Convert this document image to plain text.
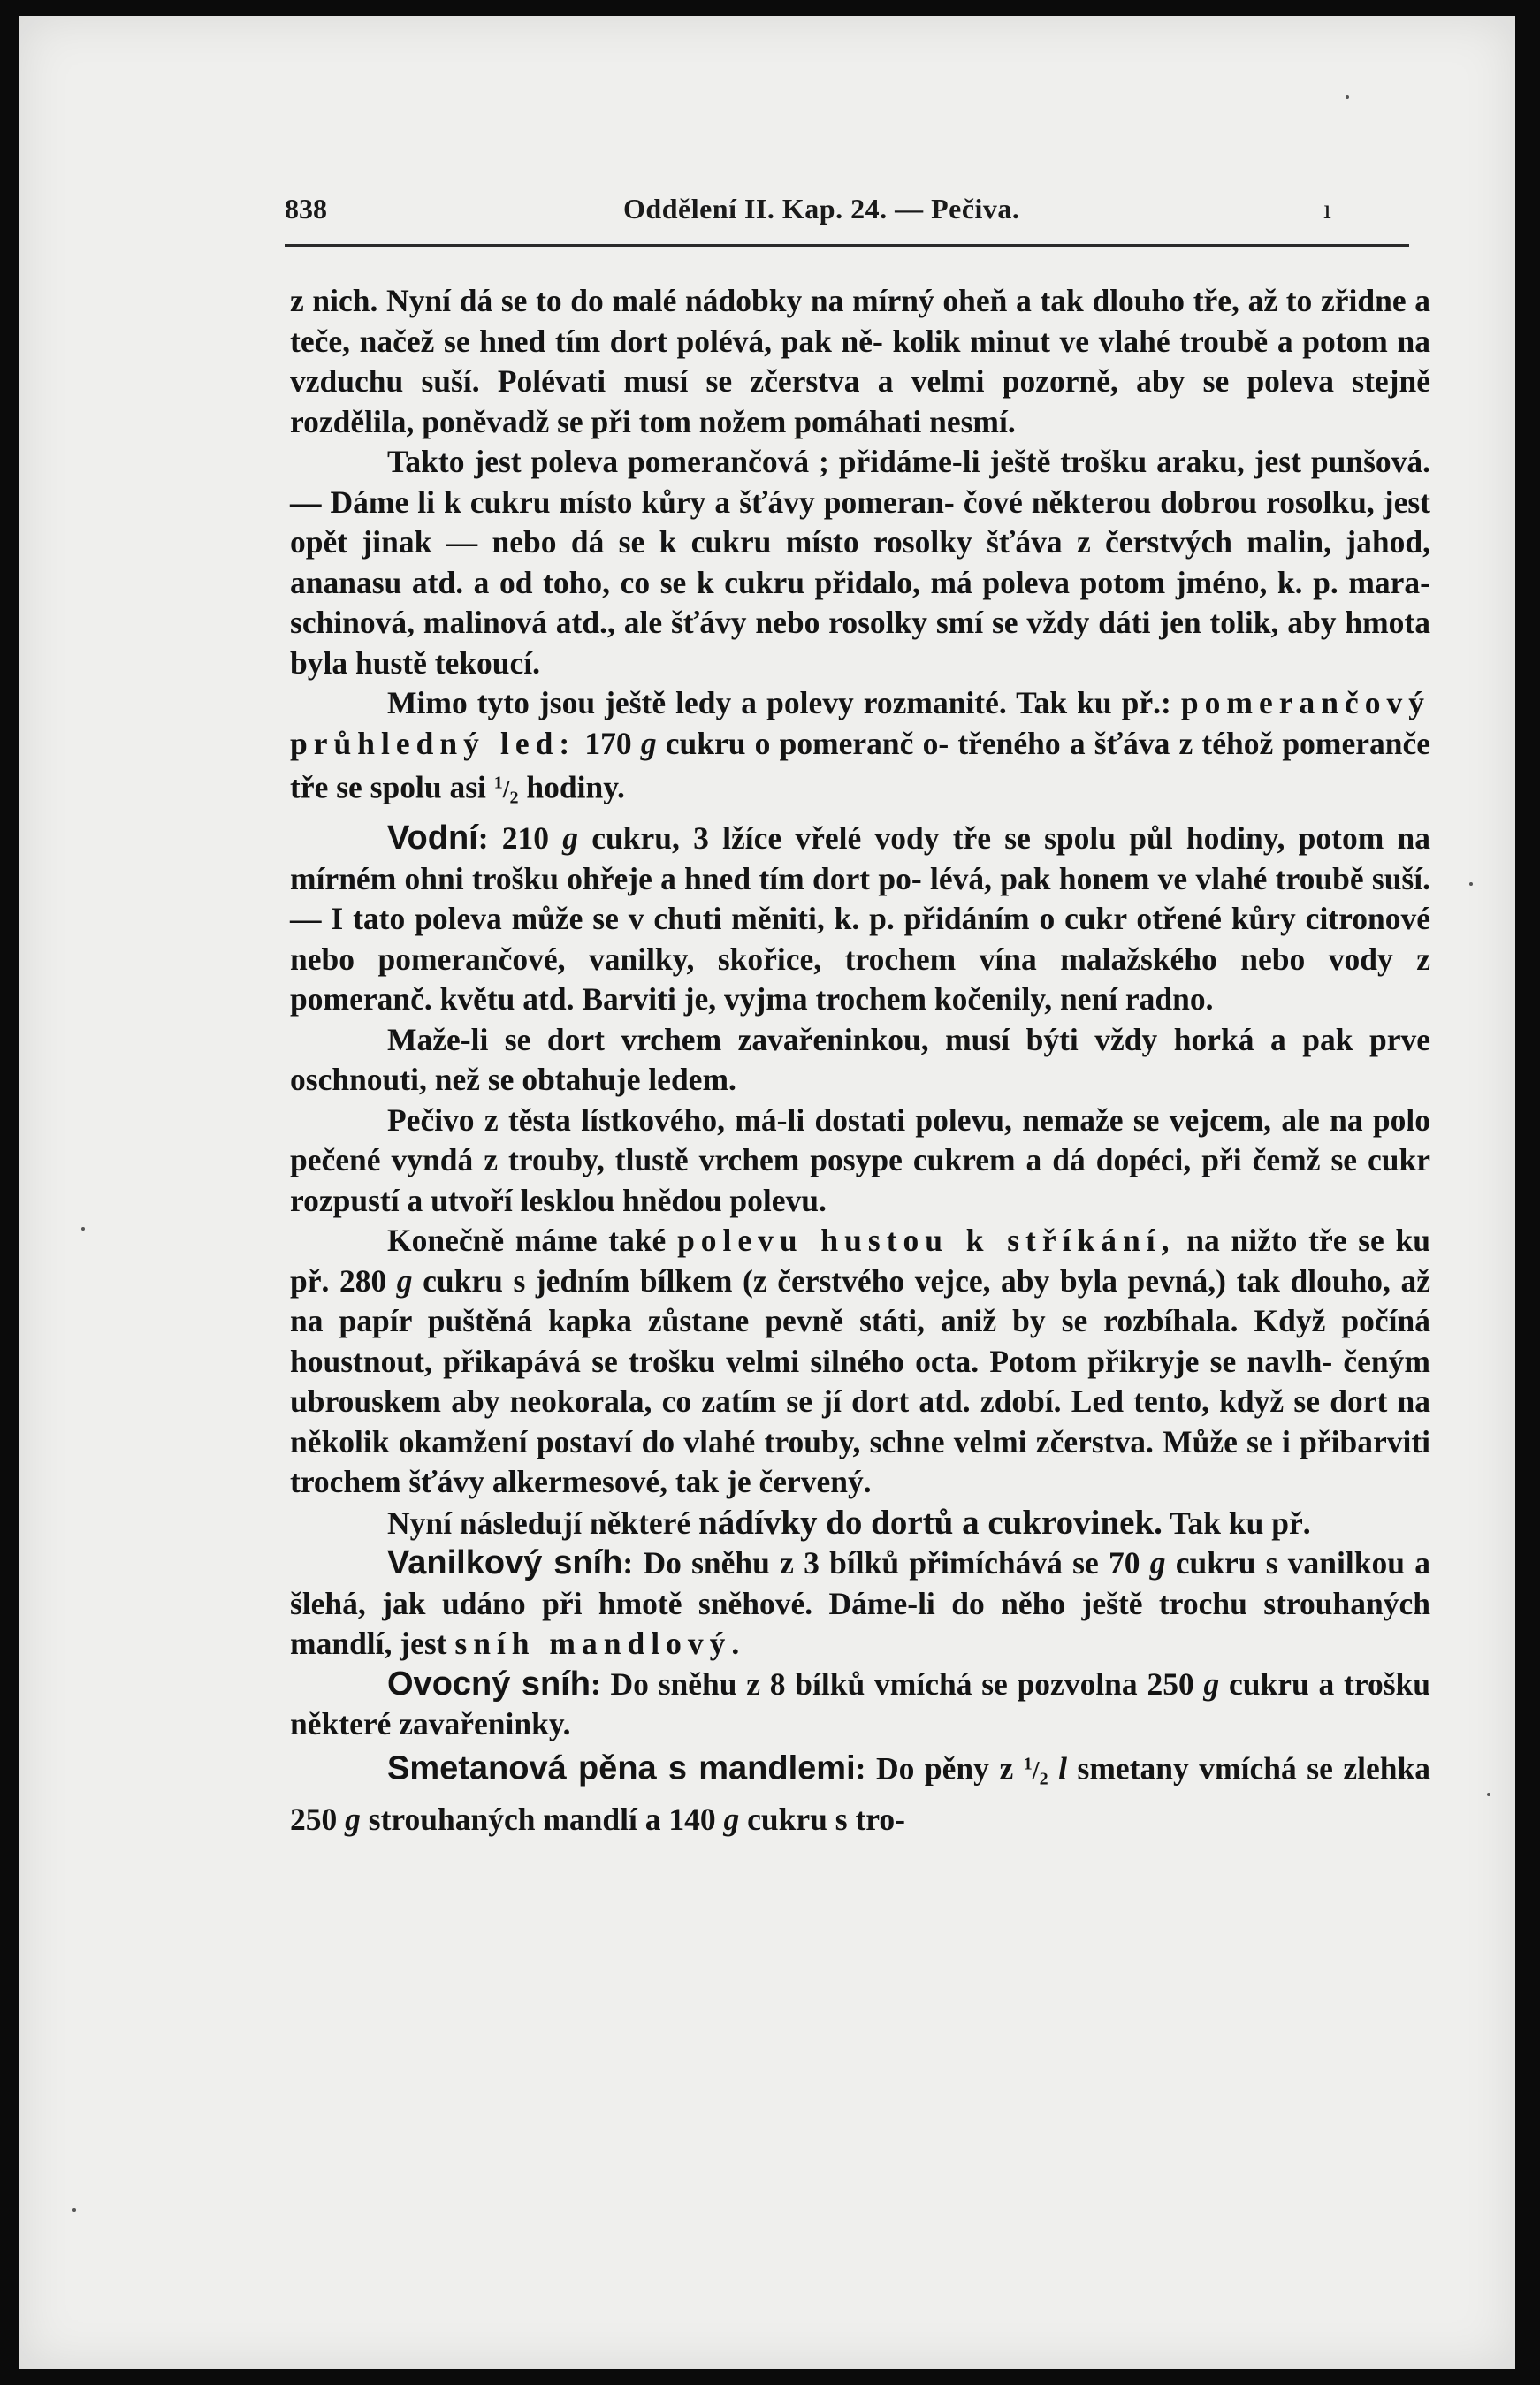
838	Oddělení II. Kap. 24. — Pečiva.	ı

z nich. Nyní dá se to do malé nádobky na mírný oheň a tak dlouho tře, až to zřidne a teče, načež se hned tím dort polévá, pak ně- kolik minut ve vlahé troubě a potom na vzduchu suší. Polévati musí se zčerstva a velmi pozorně, aby se poleva stejně rozdělila, poněvadž se při tom nožem pomáhati nesmí.

Takto jest poleva pomerančová ; přidáme-li ještě trošku araku, jest punšová. — Dáme li k cukru místo kůry a šťávy pomeran- čové některou dobrou rosolku, jest opět jinak — nebo dá se k cukru místo rosolky šťáva z čerstvých malin, jahod, ananasu atd. a od toho, co se k cukru přidalo, má poleva potom jméno, k. p. mara- schinová, malinová atd., ale šťávy nebo rosolky smí se vždy dáti jen tolik, aby hmota byla hustě tekoucí.

Mimo tyto jsou ještě ledy a polevy rozmanité. Tak ku př.: pomerančový průhledný led: 170 g cukru o pomeranč o- třeného a šťáva z téhož pomeranče tře se spolu asi $^1/_2$ hodiny.

Vodní: 210 g cukru, 3 lžíce vřelé vody tře se spolu půl hodiny, potom na mírném ohni trošku ohřeje a hned tím dort po- lévá, pak honem ve vlahé troubě suší. — I tato poleva může se v chuti měniti, k. p. přidáním o cukr otřené kůry citronové nebo pomerančové, vanilky, skořice, trochem vína malažského nebo vody z pomeranč. květu atd. Barviti je, vyjma trochem kočenily, není radno.

Maže-li se dort vrchem zavařeninkou, musí býti vždy horká a pak prve oschnouti, než se obtahuje ledem.

Pečivo z těsta lístkového, má-li dostati polevu, nemaže se vejcem, ale na polo pečené vyndá z trouby, tlustě vrchem posype cukrem a dá dopéci, při čemž se cukr rozpustí a utvoří lesklou hnědou polevu.

Konečně máme také polevu hustou k stříkání, na nižto tře se ku př. 280 g cukru s jedním bílkem (z čerstvého vejce, aby byla pevná,) tak dlouho, až na papír puštěná kapka zůstane pevně státi, aniž by se rozbíhala. Když počíná houstnout, přikapává se trošku velmi silného octa. Potom přikryje se navlh- čeným ubrouskem aby neokorala, co zatím se jí dort atd. zdobí. Led tento, když se dort na několik okamžení postaví do vlahé trouby, schne velmi zčerstva. Může se i přibarviti trochem šťávy alkermesové, tak je červený.

Nyní následují některé nádívky do dortů a cukrovinek. Tak ku př.

Vanilkový sníh: Do sněhu z 3 bílků přimíchává se 70 g cukru s vanilkou a šlehá, jak udáno při hmotě sněhové. Dáme-li do něho ještě trochu strouhaných mandlí, jest sníh mandlový.

Ovocný sníh: Do sněhu z 8 bílků vmíchá se pozvolna 250 g cukru a trošku některé zavařeninky.

Smetanová pěna s mandlemi: Do pěny z $^1/_2$ l smetany vmíchá se zlehka 250 g strouhaných mandlí a 140 g cukru s tro-
